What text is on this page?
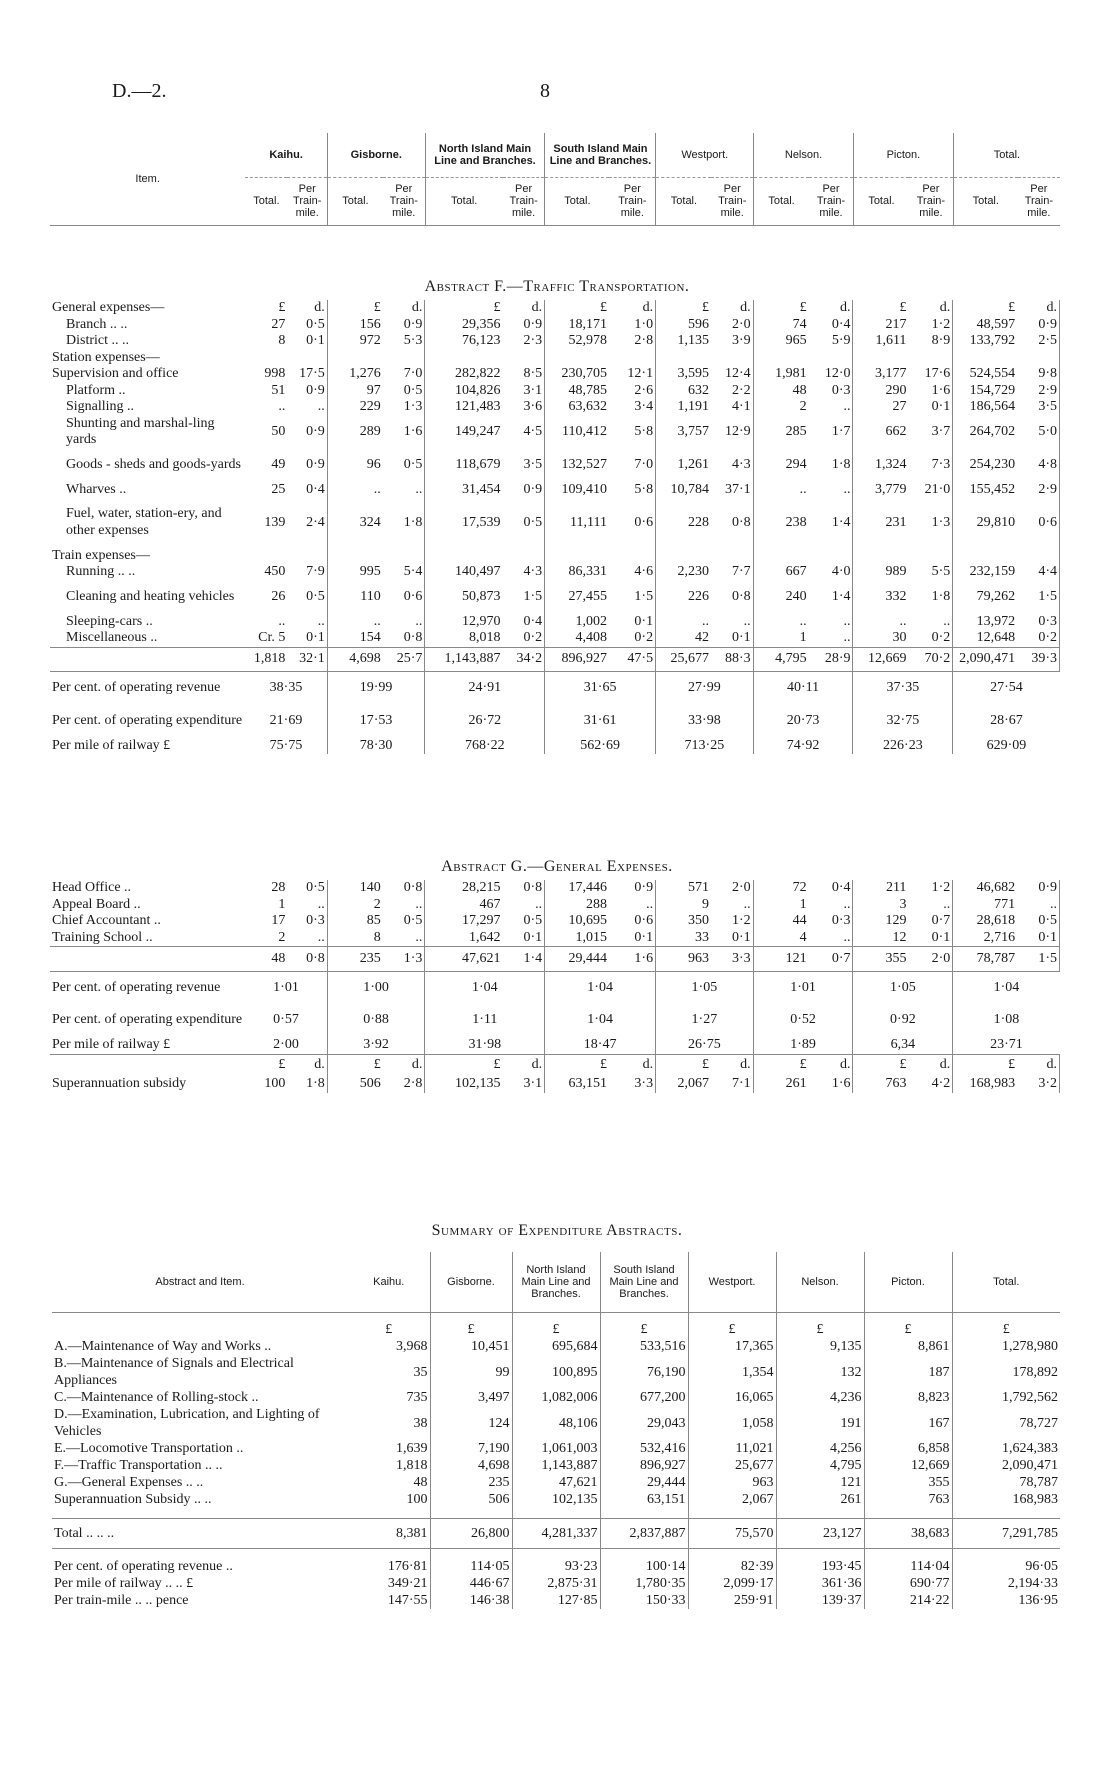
D.—2.	8
Item.	Kaihu.		Gisborne.		North Island Main Line and Branches.		South Island Main Line and Branches.		Westport.		Nelson.		Picton.		Total.	
	Total.	Per Train-mile.	Total.	Per Train-mile.	Total.	Per Train-mile.	Total.	Per Train-mile.	Total.	Per Train-mile.	Total.	Per Train-mile.	Total.	Per Train-mile.	Total.	Per Train-mile.
Abstract F.—Traffic Transportation.
General expenses—	£	d.	£	d.	£	d.	£	d.	£	d.	£	d.	£	d.	£	d.
Branch .. ..	27	0·5	156	0·9	29,356	0·9	18,171	1·0	596	2·0	74	0·4	217	1·2	48,597	0·9
District .. ..	8	0·1	972	5·3	76,123	2·3	52,978	2·8	1,135	3·9	965	5·9	1,611	8·9	133,792	2·5
Station expenses—																
Supervision and office	998	17·5	1,276	7·0	282,822	8·5	230,705	12·1	3,595	12·4	1,981	12·0	3,177	17·6	524,554	9·8
Platform ..	51	0·9	97	0·5	104,826	3·1	48,785	2·6	632	2·2	48	0·3	290	1·6	154,729	2·9
Signalling ..	..	..	229	1·3	121,483	3·6	63,632	3·4	1,191	4·1	2	..	27	0·1	186,564	3·5
Shunting and marshal-ling yards	50	0·9	289	1·6	149,247	4·5	110,412	5·8	3,757	12·9	285	1·7	662	3·7	264,702	5·0
Goods - sheds and goods-yards	49	0·9	96	0·5	118,679	3·5	132,527	7·0	1,261	4·3	294	1·8	1,324	7·3	254,230	4·8
Wharves ..	25	0·4	..	..	31,454	0·9	109,410	5·8	10,784	37·1	..	..	3,779	21·0	155,452	2·9
Fuel, water, station-ery, and other expenses	139	2·4	324	1·8	17,539	0·5	11,111	0·6	228	0·8	238	1·4	231	1·3	29,810	0·6
Train expenses—																
Running .. ..	450	7·9	995	5·4	140,497	4·3	86,331	4·6	2,230	7·7	667	4·0	989	5·5	232,159	4·4
Cleaning and heating vehicles	26	0·5	110	0·6	50,873	1·5	27,455	1·5	226	0·8	240	1·4	332	1·8	79,262	1·5
Sleeping-cars ..	..	..	..	..	12,970	0·4	1,002	0·1	..	..	..	..	..	..	13,972	0·3
Miscellaneous ..	Cr. 5	0·1	154	0·8	8,018	0·2	4,408	0·2	42	0·1	1	..	30	0·2	12,648	0·2
	1,818	32·1	4,698	25·7	1,143,887	34·2	896,927	47·5	25,677	88·3	4,795	28·9	12,669	70·2	2,090,471	39·3
Per cent. of operating revenue	38·35		19·99		24·91		31·65		27·99		40·11		37·35		27·54	
Per cent. of operating expenditure	21·69		17·53		26·72		31·61		33·98		20·73		32·75		28·67	
Per mile of railway £	75·75		78·30		768·22		562·69		713·25		74·92		226·23		629·09	
Abstract G.—General Expenses.
Head Office ..	28	0·5	140	0·8	28,215	0·8	17,446	0·9	571	2·0	72	0·4	211	1·2	46,682	0·9
Appeal Board ..	1	..	2	..	467	..	288	..	9	..	1	..	3	..	771	..
Chief Accountant ..	17	0·3	85	0·5	17,297	0·5	10,695	0·6	350	1·2	44	0·3	129	0·7	28,618	0·5
Training School ..	2	..	8	..	1,642	0·1	1,015	0·1	33	0·1	4	..	12	0·1	2,716	0·1
	48	0·8	235	1·3	47,621	1·4	29,444	1·6	963	3·3	121	0·7	355	2·0	78,787	1·5
Per cent. of operating revenue	1·01		1·00		1·04		1·04		1·05		1·01		1·05		1·04	
Per cent. of operating expenditure	0·57		0·88		1·11		1·04		1·27		0·52		0·92		1·08	
Per mile of railway £	2·00		3·92		31·98		18·47		26·75		1·89		6,34		23·71	
	£	d.	£	d.	£	d.	£	d.	£	d.	£	d.	£	d.	£	d.
Superannuation subsidy	100	1·8	506	2·8	102,135	3·1	63,151	3·3	2,067	7·1	261	1·6	763	4·2	168,983	3·2
Summary of Expenditure Abstracts.
Abstract and Item.	Kaihu.	Gisborne.	North Island Main Line and Branches.	South Island Main Line and Branches.	Westport.	Nelson.	Picton.	Total.
	£	£	£	£	£	£	£	£
A.—Maintenance of Way and Works ..	3,968	10,451	695,684	533,516	17,365	9,135	8,861	1,278,980
B.—Maintenance of Signals and Electrical Appliances	35	99	100,895	76,190	1,354	132	187	178,892
C.—Maintenance of Rolling-stock ..	735	3,497	1,082,006	677,200	16,065	4,236	8,823	1,792,562
D.—Examination, Lubrication, and Lighting of Vehicles	38	124	48,106	29,043	1,058	191	167	78,727
E.—Locomotive Transportation ..	1,639	7,190	1,061,003	532,416	11,021	4,256	6,858	1,624,383
F.—Traffic Transportation .. ..	1,818	4,698	1,143,887	896,927	25,677	4,795	12,669	2,090,471
G.—General Expenses .. ..	48	235	47,621	29,444	963	121	355	78,787
Superannuation Subsidy .. ..	100	506	102,135	63,151	2,067	261	763	168,983

Total .. .. ..	8,381	26,800	4,281,337	2,837,887	75,570	23,127	38,683	7,291,785

Per cent. of operating revenue ..	176·81	114·05	93·23	100·14	82·39	193·45	114·04	96·05
Per mile of railway .. .. £	349·21	446·67	2,875·31	1,780·35	2,099·17	361·36	690·77	2,194·33
Per train-mile .. .. pence	147·55	146·38	127·85	150·33	259·91	139·37	214·22	136·95
